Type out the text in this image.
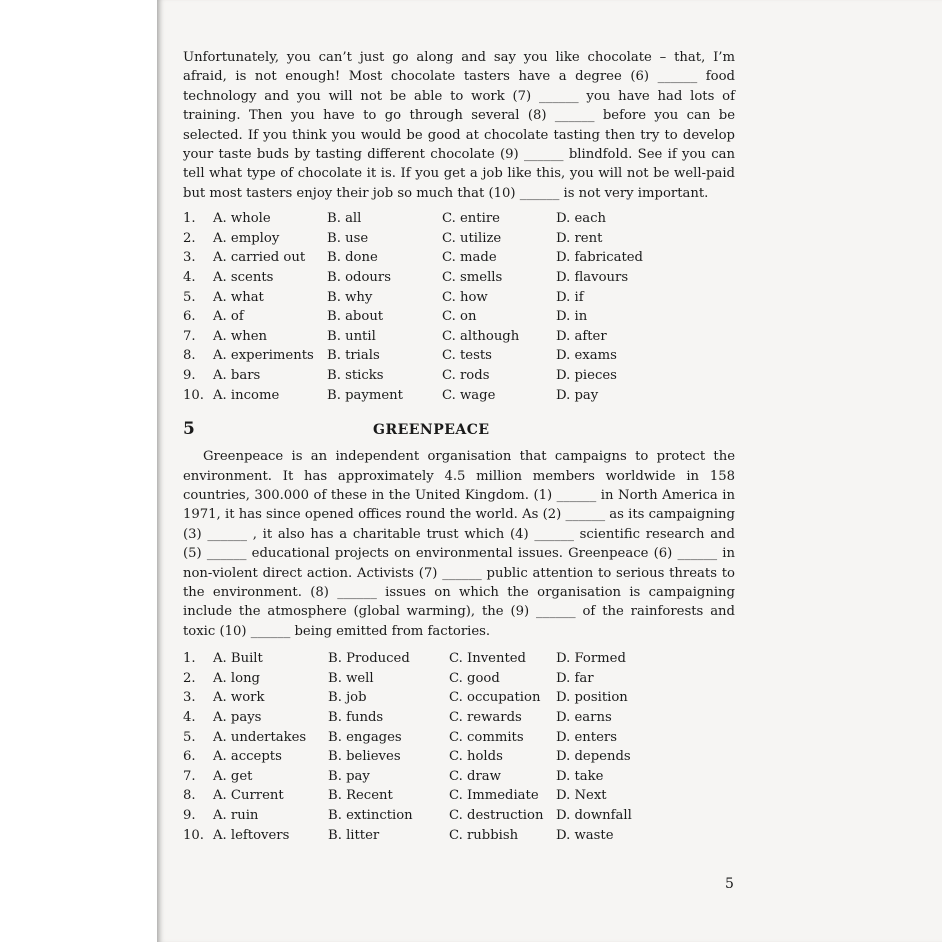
Unfortunately, you can’t just go along and say you like chocolate – that, I’m afraid, is not enough! Most chocolate tasters have a degree (6) ______ food technology and you will not be able to work (7) ______ you have had lots of training. Then you have to go through several (8) ______ before you can be selected. If you think you would be good at chocolate tasting then try to develop your taste buds by tasting different chocolate (9) ______ blindfold. See if you can tell what type of chocolate it is. If you get a job like this, you will not be well-paid but most tasters enjoy their job so much that (10) ______ is not very important.

1.	A. whole	B. all	C. entire	D. each
2.	A. employ	B. use	C. utilize	D. rent
3.	A. carried out	B. done	C. made	D. fabricated
4.	A. scents	B. odours	C. smells	D. flavours
5.	A. what	B. why	C. how	D. if
6.	A. of	B. about	C. on	D. in
7.	A. when	B. until	C. although	D. after
8.	A. experiments	B. trials	C. tests	D. exams
9.	A. bars	B. sticks	C. rods	D. pieces
10. A. income	B. payment	C. wage	D. pay
5	GREENPEACE

Greenpeace is an independent organisation that campaigns to protect the environment. It has approximately 4.5 million members worldwide in 158 countries, 300.000 of these in the United Kingdom. (1) ______ in North America in 1971, it has since opened offices round the world. As (2) ______ as its campaigning (3) ______ , it also has a charitable trust which (4) ______ scientific research and (5) ______ educational projects on environmental issues. Greenpeace (6) ______ in non-violent direct action. Activists (7) ______ public attention to serious threats to the environment. (8) ______ issues on which the organisation is campaigning include the atmosphere (global warming), the (9) ______ of the rainforests and toxic (10) ______ being emitted from factories.

1.	A. Built	B. Produced	C. Invented	D. Formed
2.	A. long	B. well	C. good	D. far
3.	A. work	B. job	C. occupation	D. position
4.	A. pays	B. funds	C. rewards	D. earns
5.	A. undertakes	B. engages	C. commits	D. enters
6.	A. accepts	B. believes	C. holds	D. depends
7.	A. get	B. pay	C. draw	D. take
8.	A. Current	B. Recent	C. Immediate	D. Next
9.	A. ruin	B. extinction	C. destruction D. downfall
10. A. leftovers	B. litter	C. rubbish	D. waste
5
